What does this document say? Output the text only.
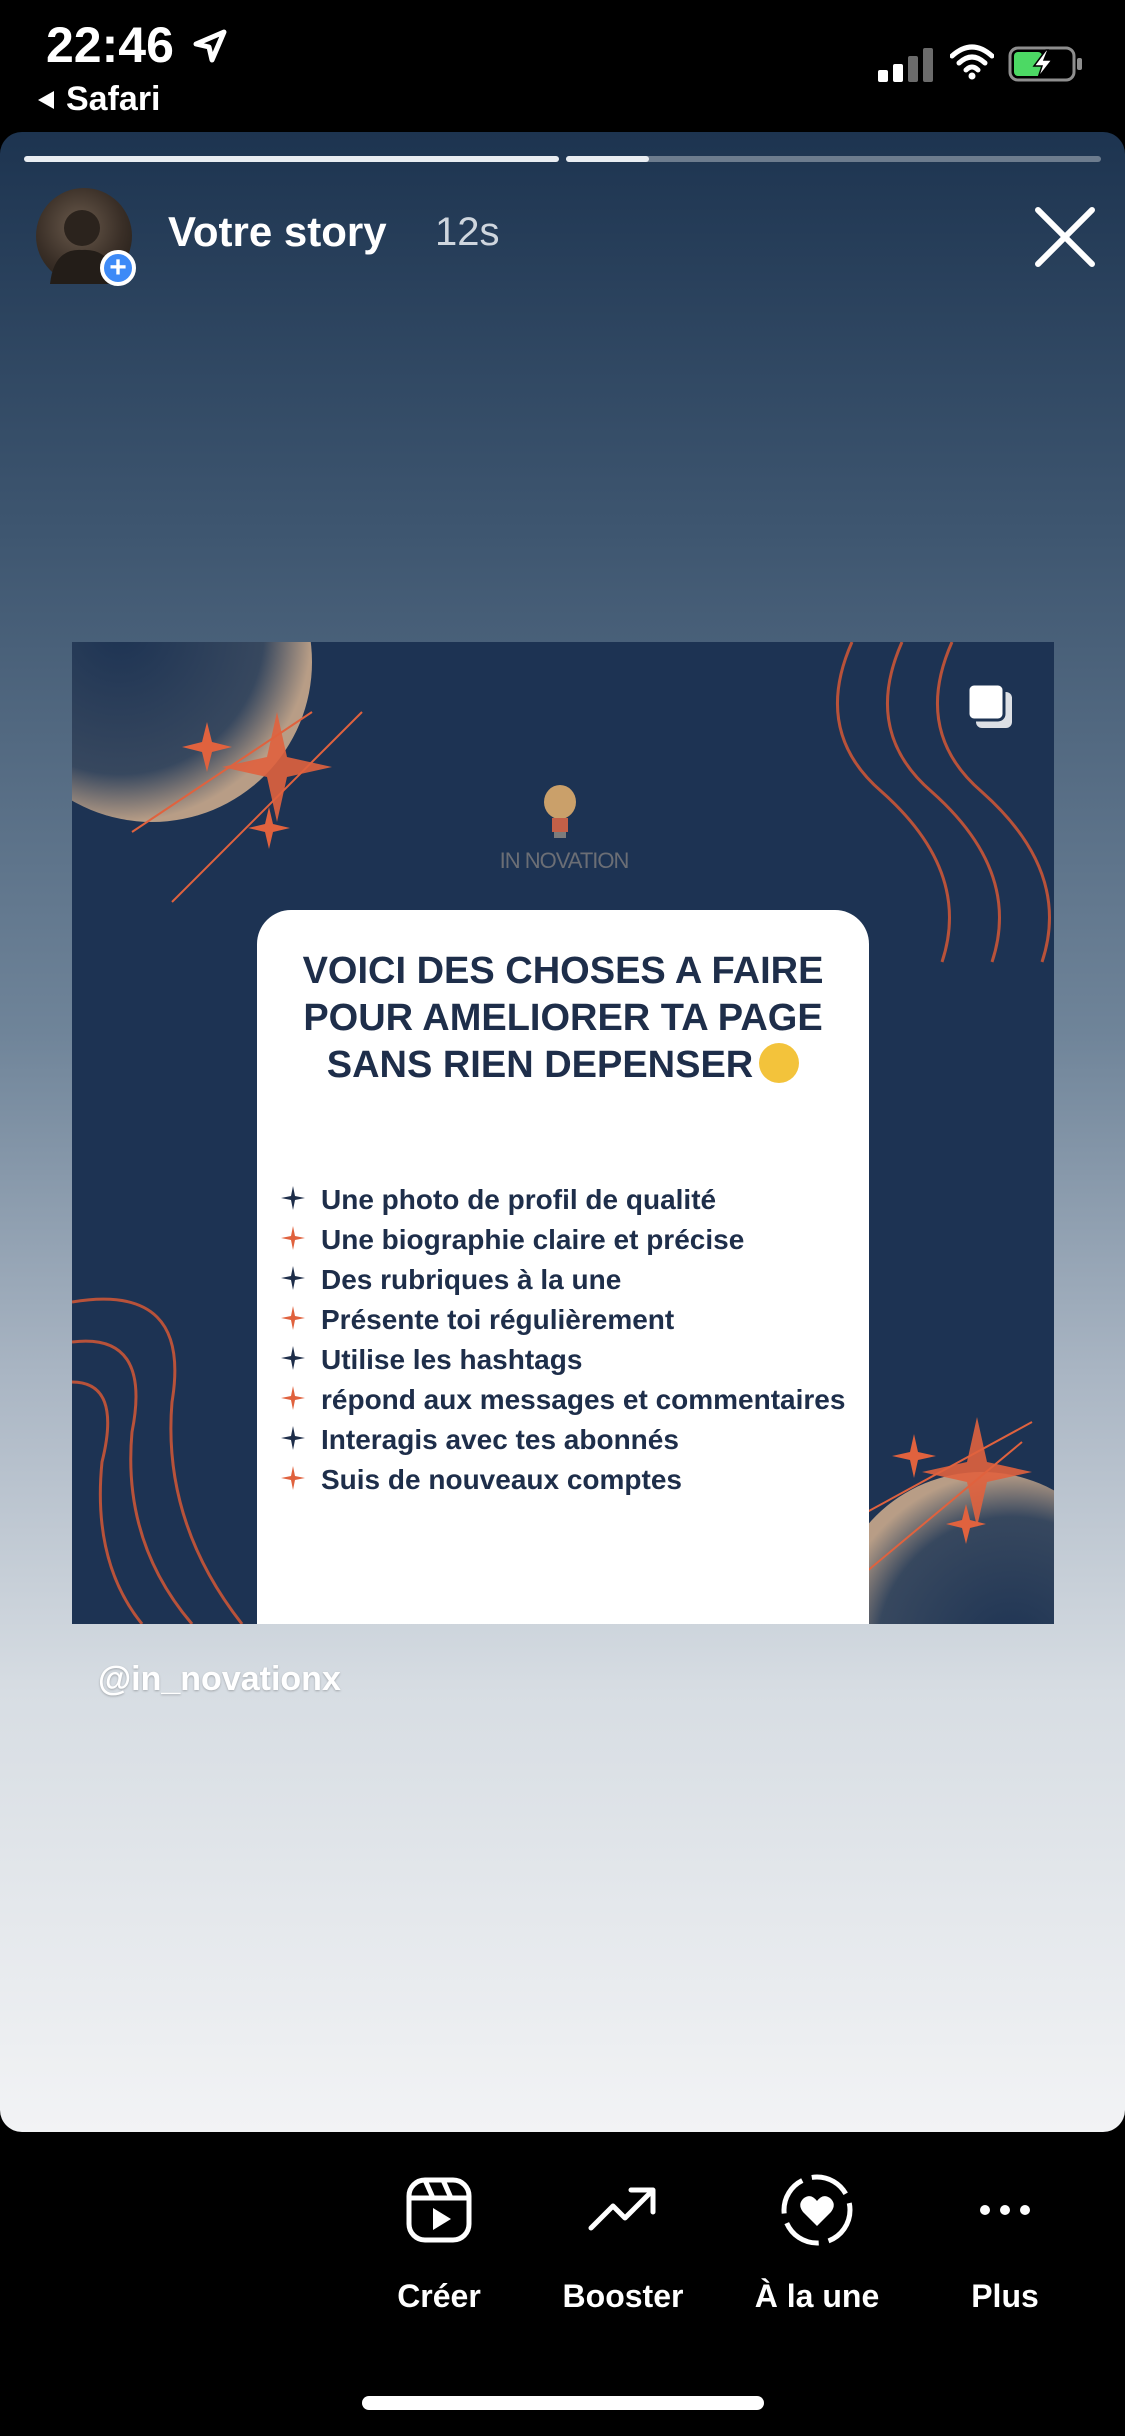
22:46
Safari
+
Votre story 12s
IN NOVATION
VOICI DES CHOSES A FAIRE POUR AMELIORER TA PAGE SANS RIEN DEPENSER
Une photo de profil de qualité
Une biographie claire et précise
Des rubriques à la une
Présente toi régulièrement
Utilise les hashtags
répond aux messages et commentaires
Interagis avec tes abonnés
Suis de nouveaux comptes
@in_novationx
Créer	Booster	À la une	Plus
